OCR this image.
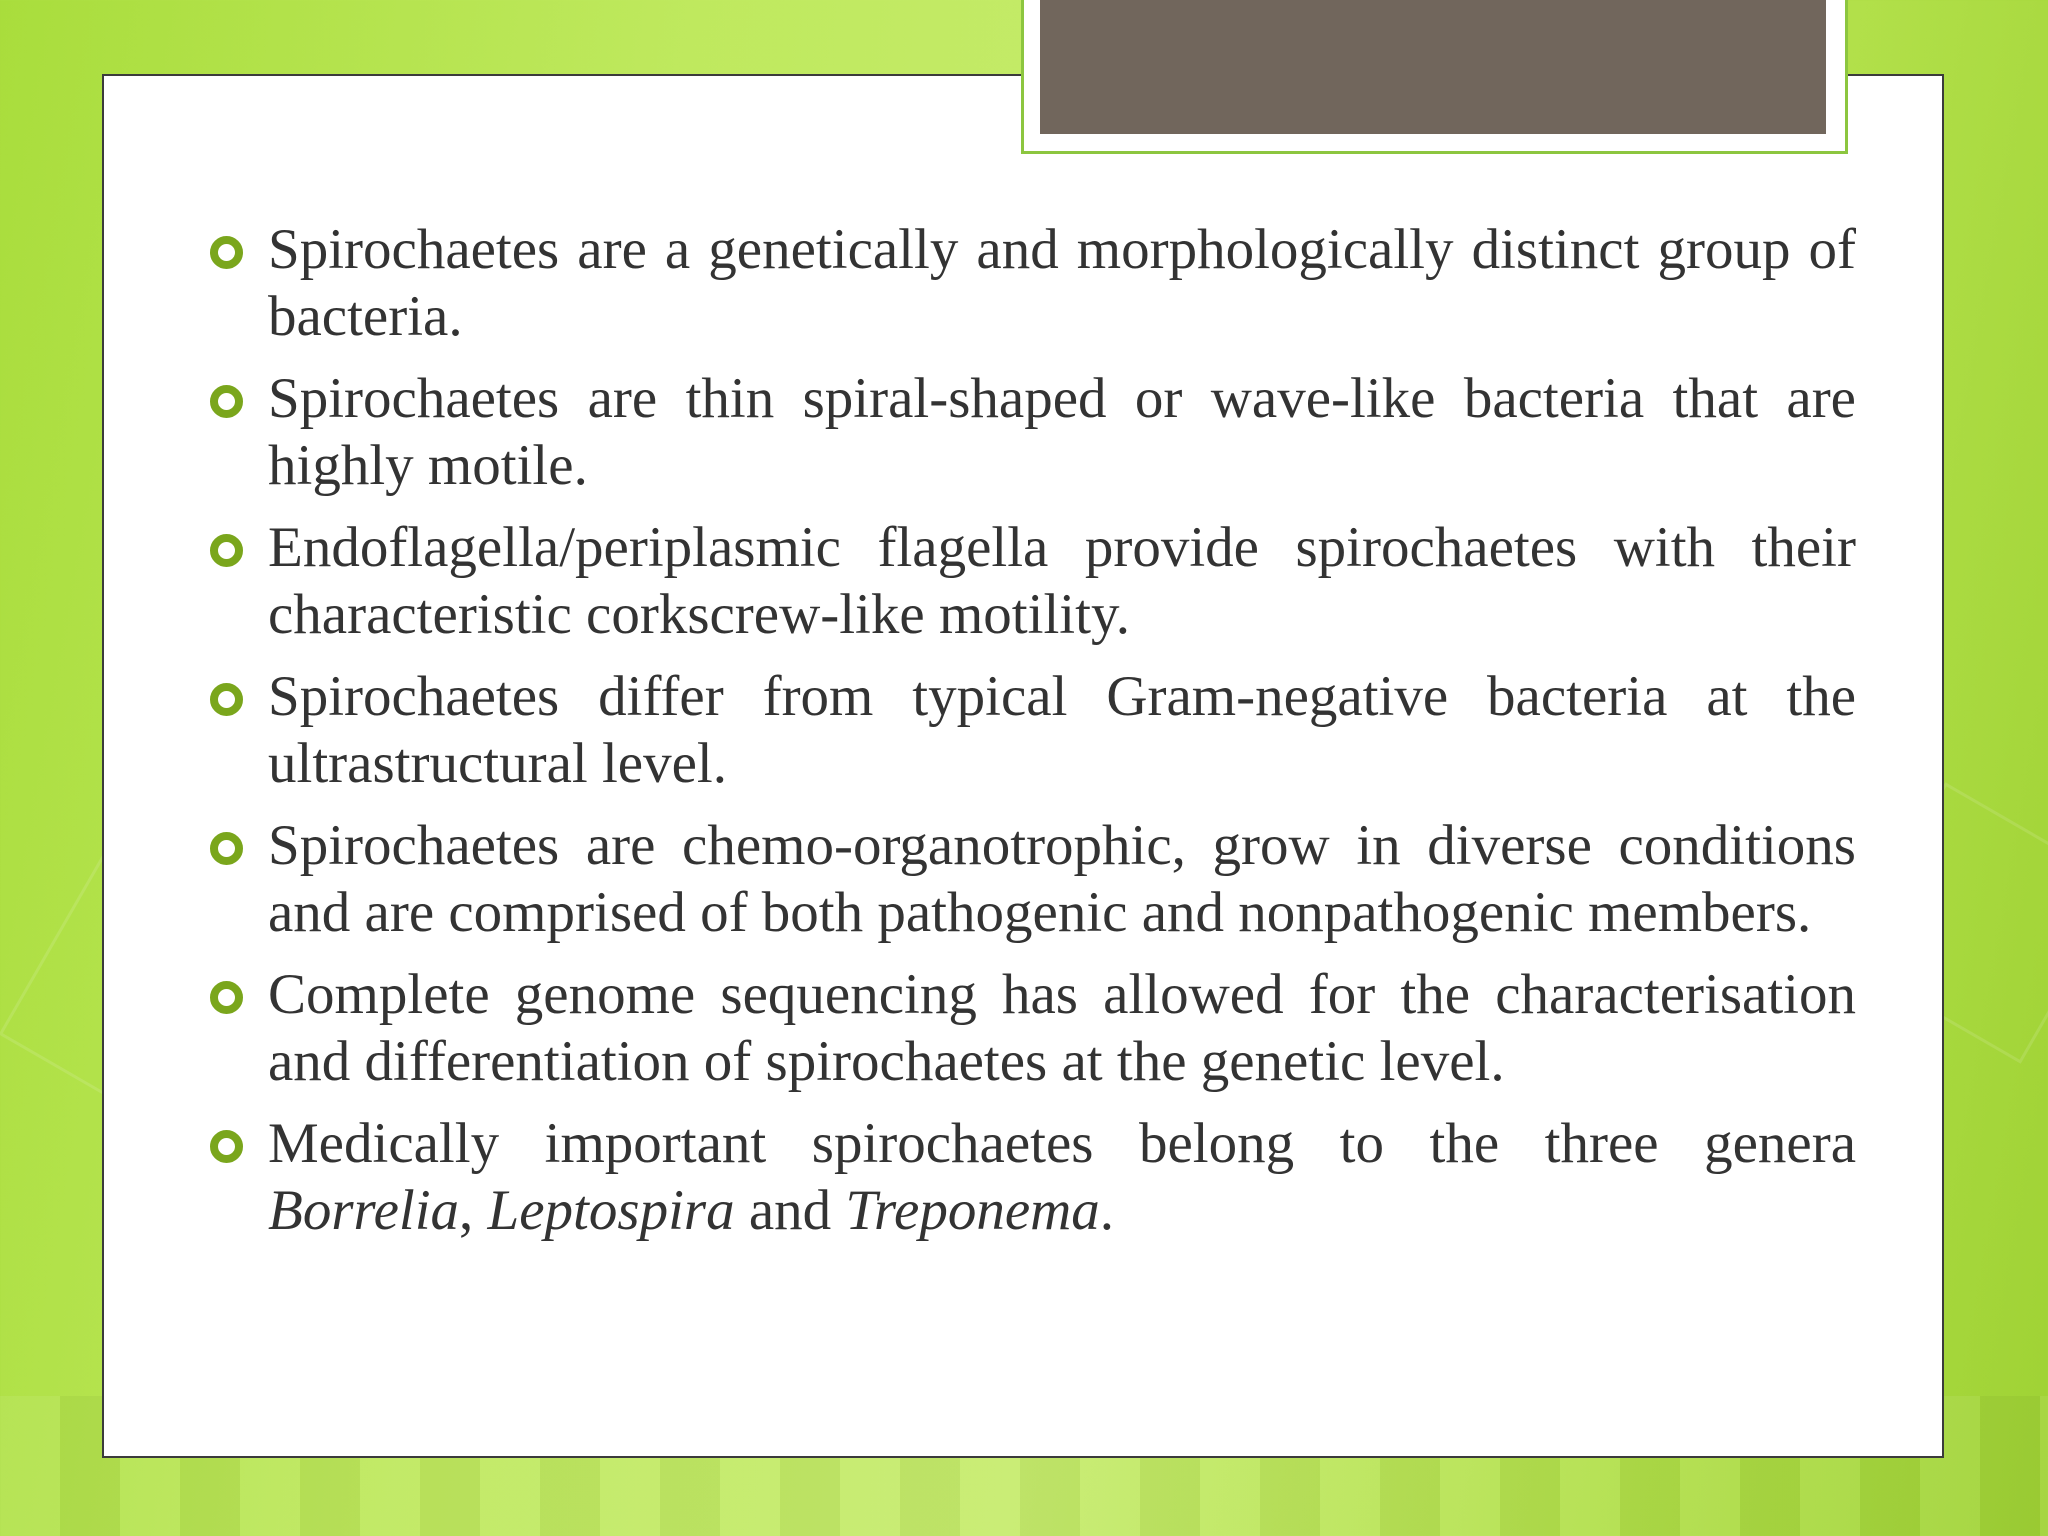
Spirochaetes are a genetically and morphologically distinct group of bacteria.
Spirochaetes are thin spiral-shaped or wave-like bacteria that are highly motile.
Endoflagella/periplasmic flagella provide spirochaetes with their characteristic corkscrew-like motility.
Spirochaetes differ from typical Gram-negative bacteria at the ultrastructural level.
Spirochaetes are chemo-organotrophic, grow in diverse conditions and are comprised of both pathogenic and nonpathogenic members.
Complete genome sequencing has allowed for the characterisation and differentiation of spirochaetes at the genetic level.
Medically important spirochaetes belong to the three genera Borrelia, Leptospira and Treponema.
